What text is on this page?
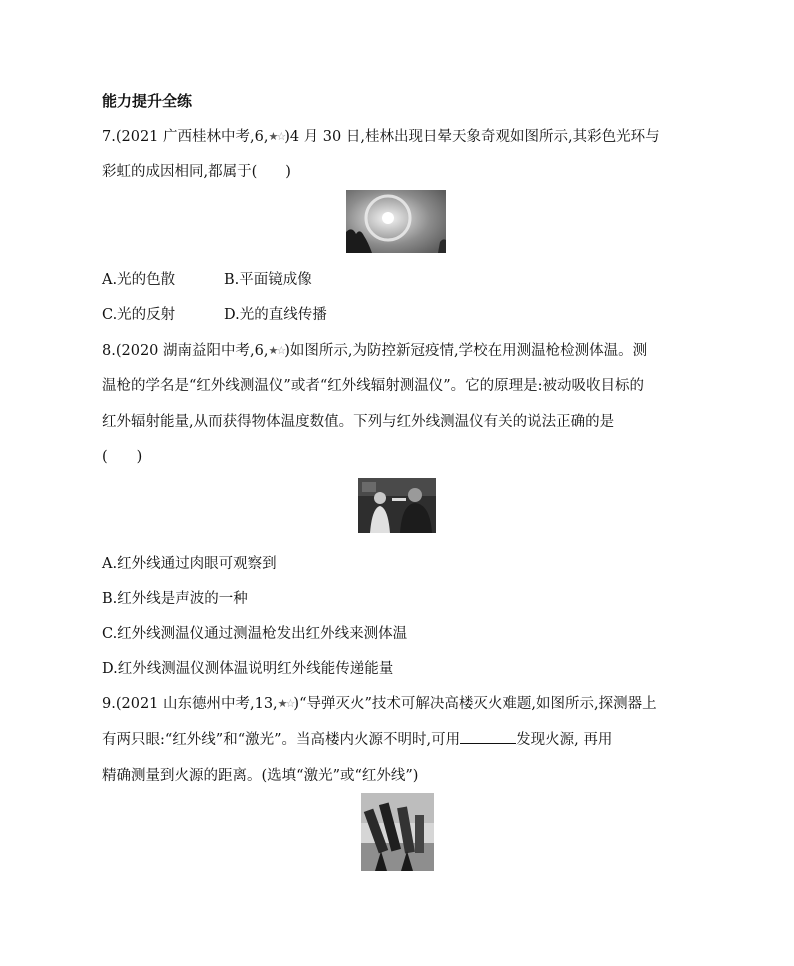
能力提升全练
7.(2021 广西桂林中考,6,★☆)4 月 30 日,桂林出现日晕天象奇观如图所示,其彩色光环与
彩虹的成因相同,都属于( )
A.光的色散	B.平面镜成像
C.光的反射	D.光的直线传播
8.(2020 湖南益阳中考,6,★☆)如图所示,为防控新冠疫情,学校在用测温枪检测体温。测
温枪的学名是“红外线测温仪”或者“红外线辐射测温仪”。它的原理是:被动吸收目标的
红外辐射能量,从而获得物体温度数值。下列与红外线测温仪有关的说法正确的是
(　　)
A.红外线通过肉眼可观察到
B.红外线是声波的一种
C.红外线测温仪通过测温枪发出红外线来测体温
D.红外线测温仪测体温说明红外线能传递能量
9.(2021 山东德州中考,13,★☆)“导弹灭火”技术可解决高楼灭火难题,如图所示,探测器上
有两只眼:“红外线”和“激光”。当高楼内火源不明时,可用	发现火源, 再用
精确测量到火源的距离。(选填“激光”或“红外线”)
